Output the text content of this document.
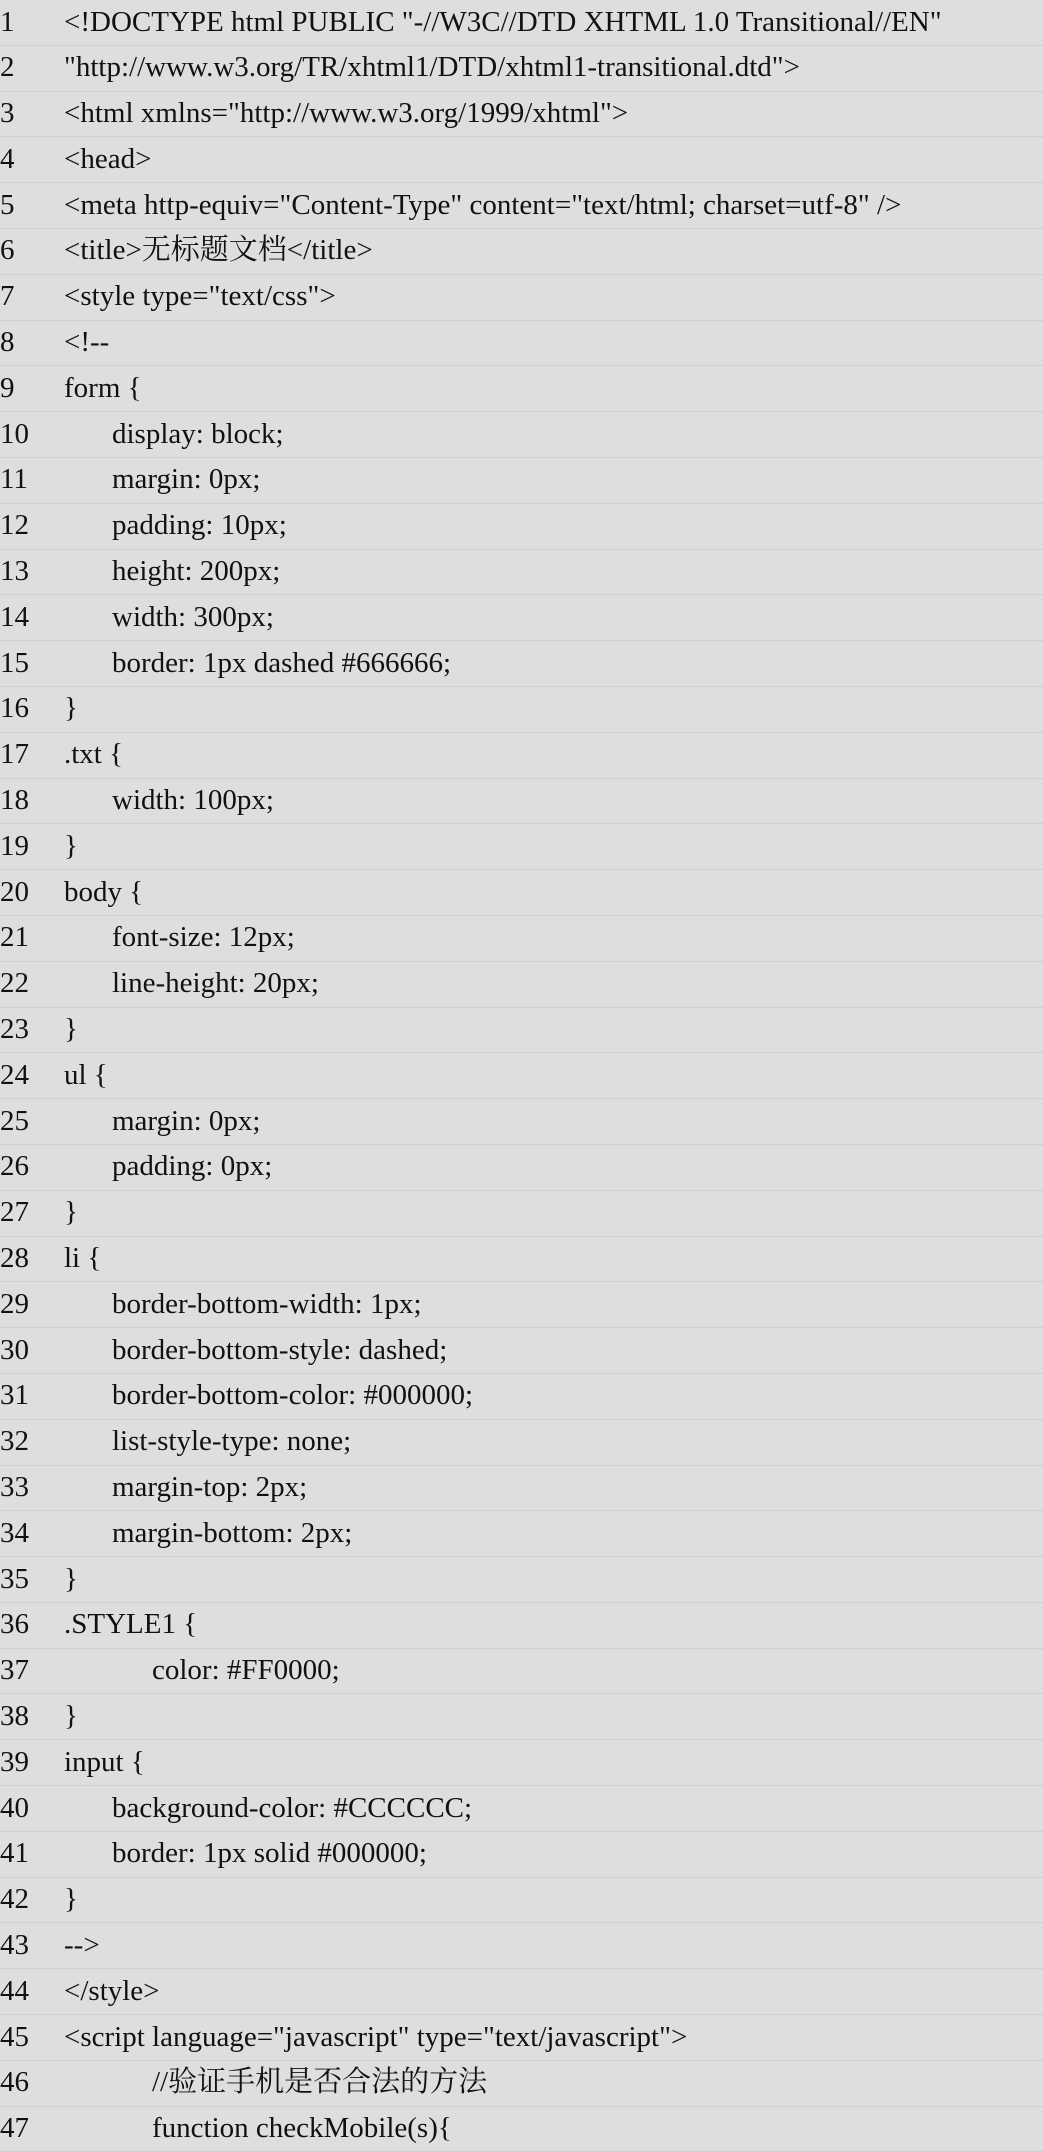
1	<!DOCTYPE html PUBLIC "-//W3C//DTD XHTML 1.0 Transitional//EN"
2	"http://www.w3.org/TR/xhtml1/DTD/xhtml1-transitional.dtd">
3	<html xmlns="http://www.w3.org/1999/xhtml">
4	<head>
5	<meta http-equiv="Content-Type" content="text/html; charset=utf-8" />
6	<title>无标题文档</title>
7	<style type="text/css">
8	<!--
9	form {
10	display: block;
11	margin: 0px;
12	padding: 10px;
13	height: 200px;
14	width: 300px;
15	border: 1px dashed #666666;
16	}
17	.txt {
18	width: 100px;
19	}
20	body {
21	font-size: 12px;
22	line-height: 20px;
23	}
24	ul {
25	margin: 0px;
26	padding: 0px;
27	}
28	li {
29	border-bottom-width: 1px;
30	border-bottom-style: dashed;
31	border-bottom-color: #000000;
32	list-style-type: none;
33	margin-top: 2px;
34	margin-bottom: 2px;
35	}
36	.STYLE1 {
37	color: #FF0000;
38	}
39	input {
40	background-color: #CCCCCC;
41	border: 1px solid #000000;
42	}
43	-->
44	</style>
45	<script language="javascript" type="text/javascript">
46	//验证手机是否合法的方法
47	function checkMobile(s){
